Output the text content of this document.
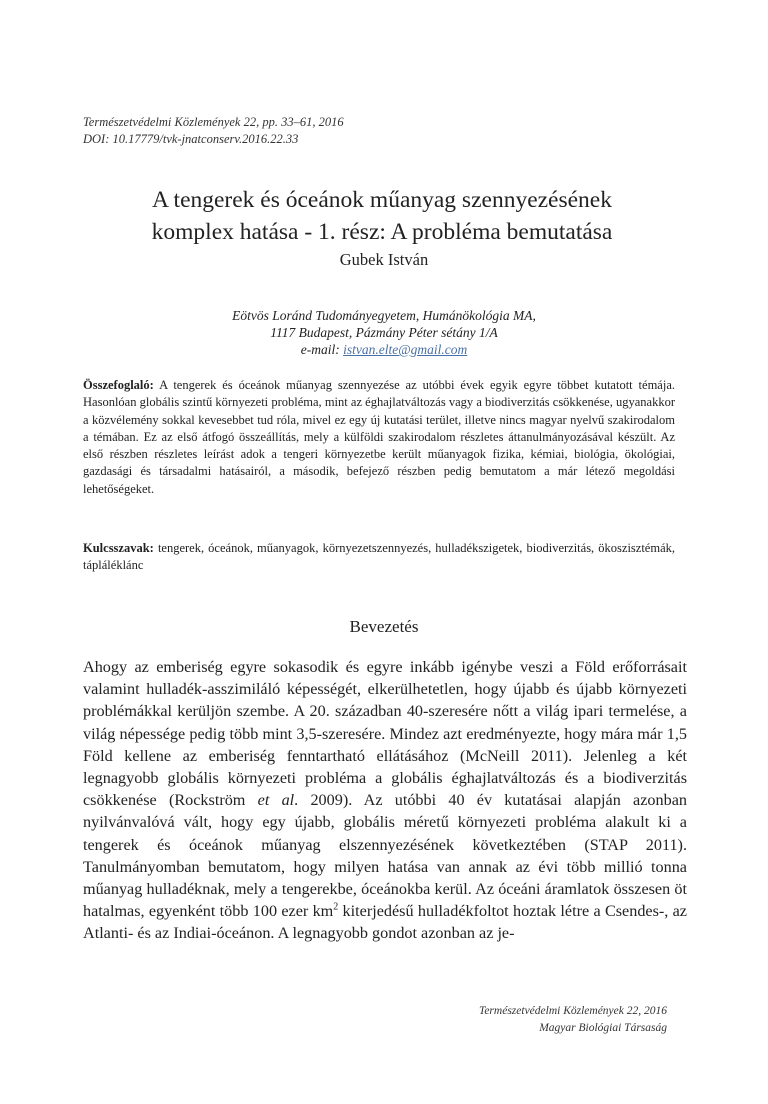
Természetvédelmi Közlemények 22, pp. 33–61, 2016
DOI: 10.17779/tvk-jnatconserv.2016.22.33
A tengerek és óceánok műanyag szennyezésének
komplex hatása - 1. rész: A probléma bemutatása
Gubek István
Eötvös Loránd Tudományegyetem, Humánökológia MA,
1117 Budapest, Pázmány Péter sétány 1/A
e-mail: istvan.elte@gmail.com
Összefoglaló: A tengerek és óceánok műanyag szennyezése az utóbbi évek egyik egyre többet kutatott témája. Hasonlóan globális szintű környezeti probléma, mint az éghajlatváltozás vagy a biodiverzitás csökkenése, ugyanakkor a közvélemény sokkal kevesebbet tud róla, mivel ez egy új kutatási terület, illetve nincs magyar nyelvű szakirodalom a témában. Ez az első átfogó összeállítás, mely a külföldi szakirodalom részletes áttanulmányozásával készült. Az első részben részletes leírást adok a tengeri környezetbe került műanyagok fizika, kémiai, biológia, ökológiai, gazdasági és társadalmi hatásairól, a második, befejező részben pedig bemutatom a már létező megoldási lehetőségeket.
Kulcsszavak: tengerek, óceánok, műanyagok, környezetszennyezés, hulladékszigetek, biodiverzitás, ökoszisztémák, tápláléklánc
Bevezetés
Ahogy az emberiség egyre sokasodik és egyre inkább igénybe veszi a Föld erőforrásait valamint hulladék-asszimiláló képességét, elkerülhetetlen, hogy újabb és újabb környezeti problémákkal kerüljön szembe. A 20. században 40-szeresére nőtt a világ ipari termelése, a világ népessége pedig több mint 3,5-szeresére. Mindez azt eredményezte, hogy mára már 1,5 Föld kellene az emberiség fenntartható ellátásához (McNeill 2011). Jelenleg a két legnagyobb globális környezeti probléma a globális éghajlatváltozás és a biodiverzitás csökkenése (Rockström et al. 2009). Az utóbbi 40 év kutatásai alapján azonban nyilvánvalóvá vált, hogy egy újabb, globális méretű környezeti probléma alakult ki a tengerek és óceánok műanyag elszennyezésének következtében (STAP 2011). Tanulmányomban bemutatom, hogy milyen hatása van annak az évi több millió tonna műanyag hulladéknak, mely a tengerekbe, óceánokba kerül. Az óceáni áramlatok összesen öt hatalmas, egyenként több 100 ezer $km^2$ kiterjedésű hulladékfoltot hoztak létre a Csendes-, az Atlanti- és az Indiai-óceánon. A legnagyobb gondot azonban az je-
Természetvédelmi Közlemények 22, 2016
Magyar Biológiai Társaság
